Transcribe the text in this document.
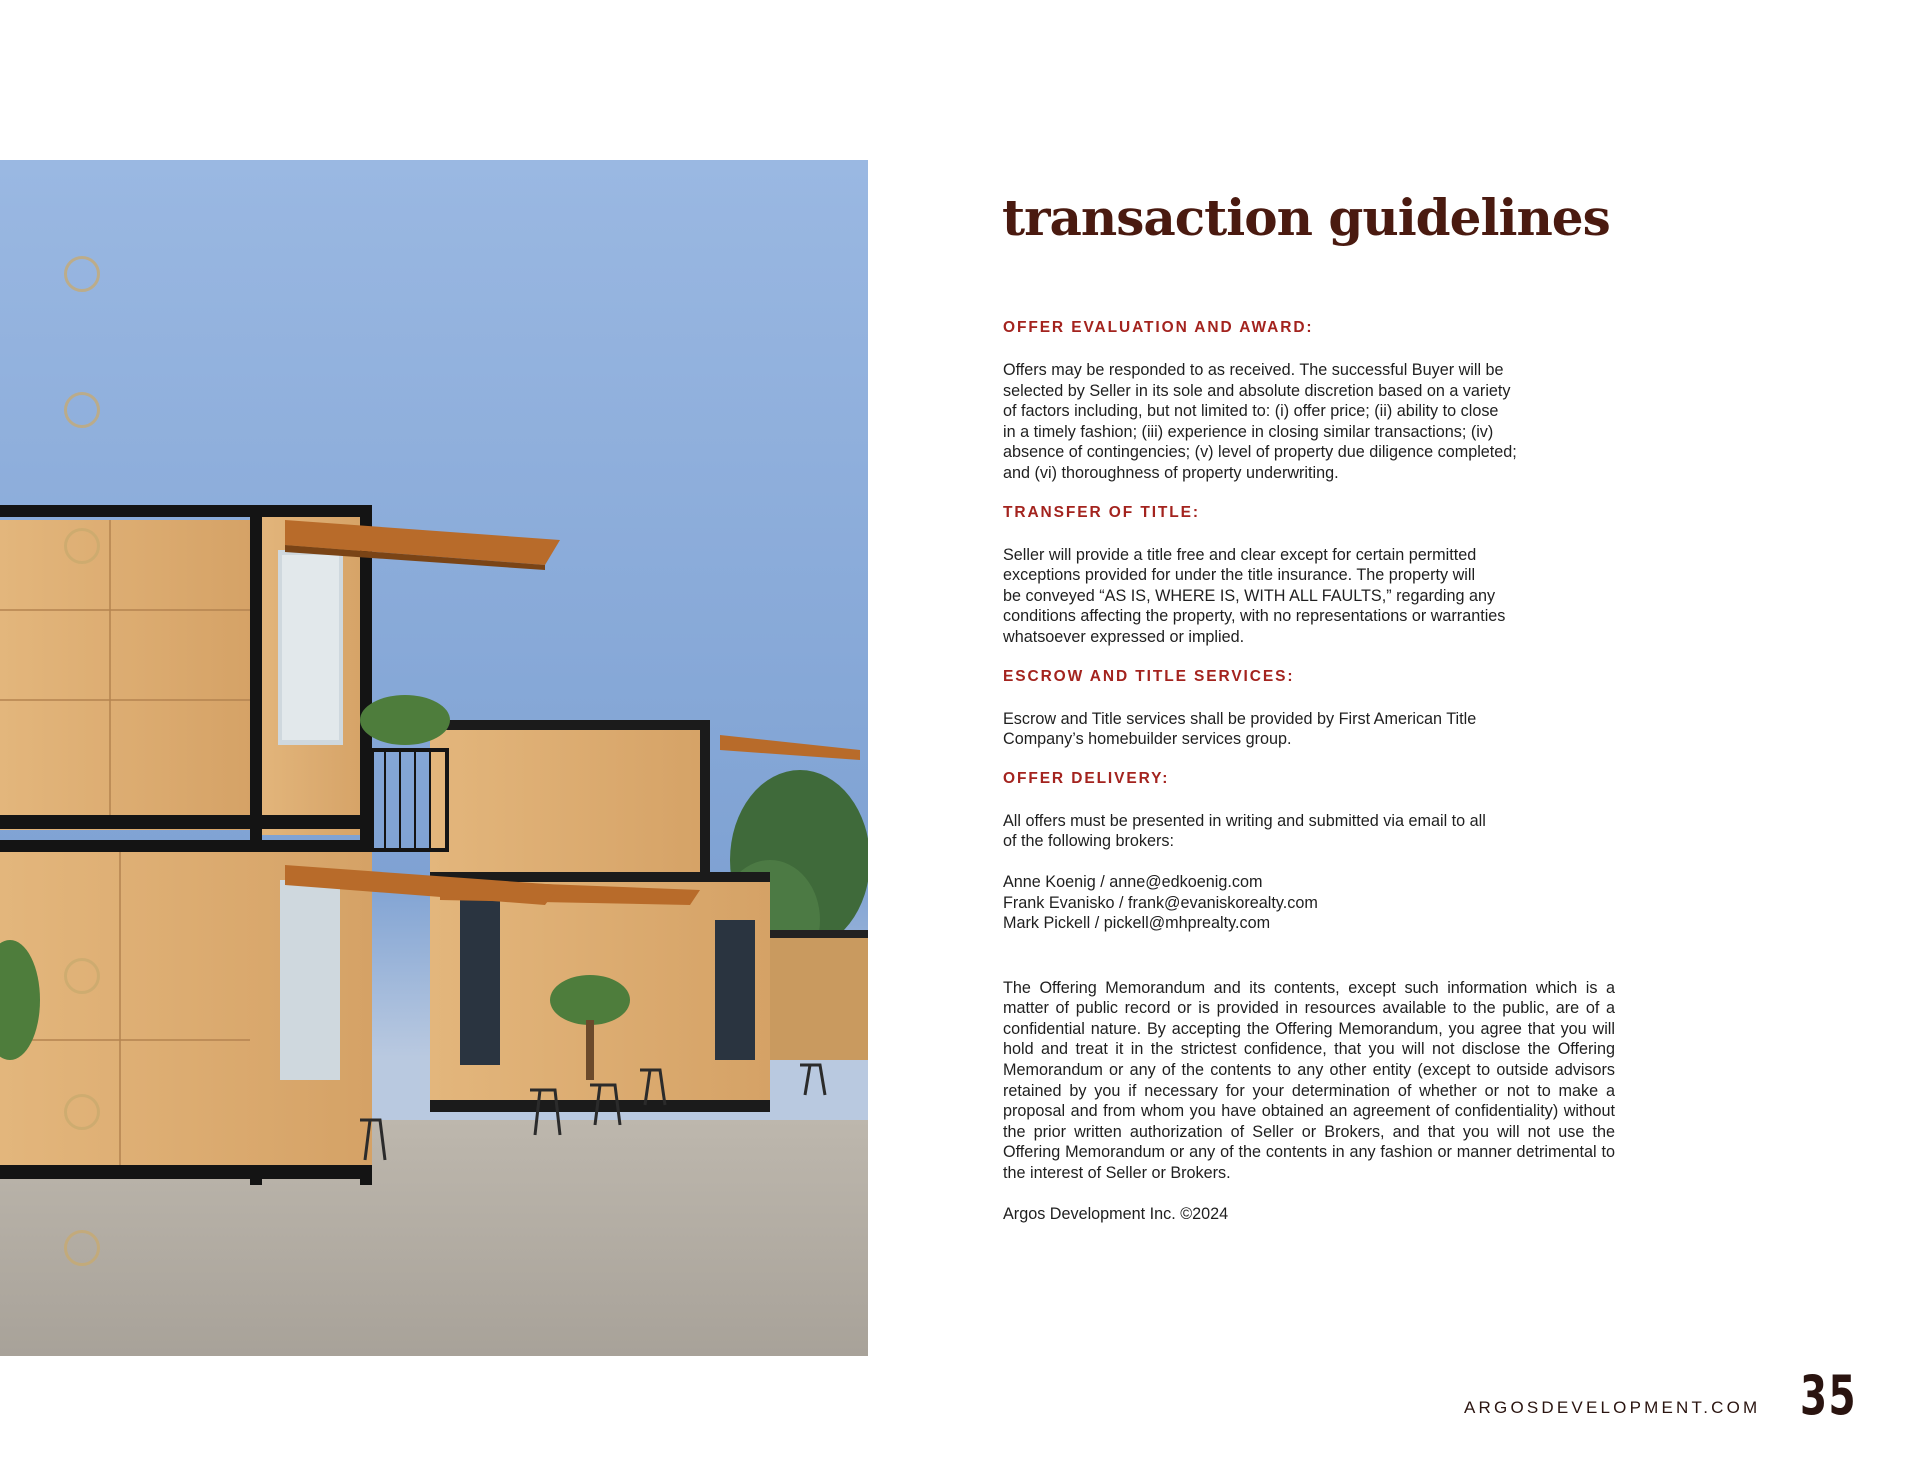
transaction guidelines
OFFER EVALUATION AND AWARD:
Offers may be responded to as received. The successful Buyer will be
selected by Seller in its sole and absolute discretion based on a variety
of factors including, but not limited to: (i) offer price; (ii) ability to close
in a timely fashion; (iii) experience in closing similar transactions; (iv)
absence of contingencies; (v) level of property due diligence completed;
and (vi) thoroughness of property underwriting.
TRANSFER OF TITLE:
Seller will provide a title free and clear except for certain permitted
exceptions provided for under the title insurance. The property will
be conveyed “AS IS, WHERE IS, WITH ALL FAULTS,” regarding any
conditions affecting the property, with no representations or warranties
whatsoever expressed or implied.
ESCROW AND TITLE SERVICES:
Escrow and Title services shall be provided by First American Title
Company’s homebuilder services group.
OFFER DELIVERY:
All offers must be presented in writing and submitted via email to all
of the following brokers:
Anne Koenig / anne@edkoenig.com
Frank Evanisko / frank@evaniskorealty.com
Mark Pickell / pickell@mhprealty.com
The Offering Memorandum and its contents, except such information which is a matter of public record or is provided in resources available to the public, are of a confidential nature. By accepting the Offering Memorandum, you agree that you will hold and treat it in the strictest confidence, that you will not disclose the Offering Memorandum or any of the contents to any other entity (except to outside advisors retained by you if necessary for your determination of whether or not to make a proposal and from whom you have obtained an agreement of confidentiality) without the prior written authorization of Seller or Brokers, and that you will not use the Offering Memorandum or any of the contents in any fashion or manner detrimental to the interest of Seller or Brokers.
Argos Development Inc. ©2024
ARGOSDEVELOPMENT.COM 35
